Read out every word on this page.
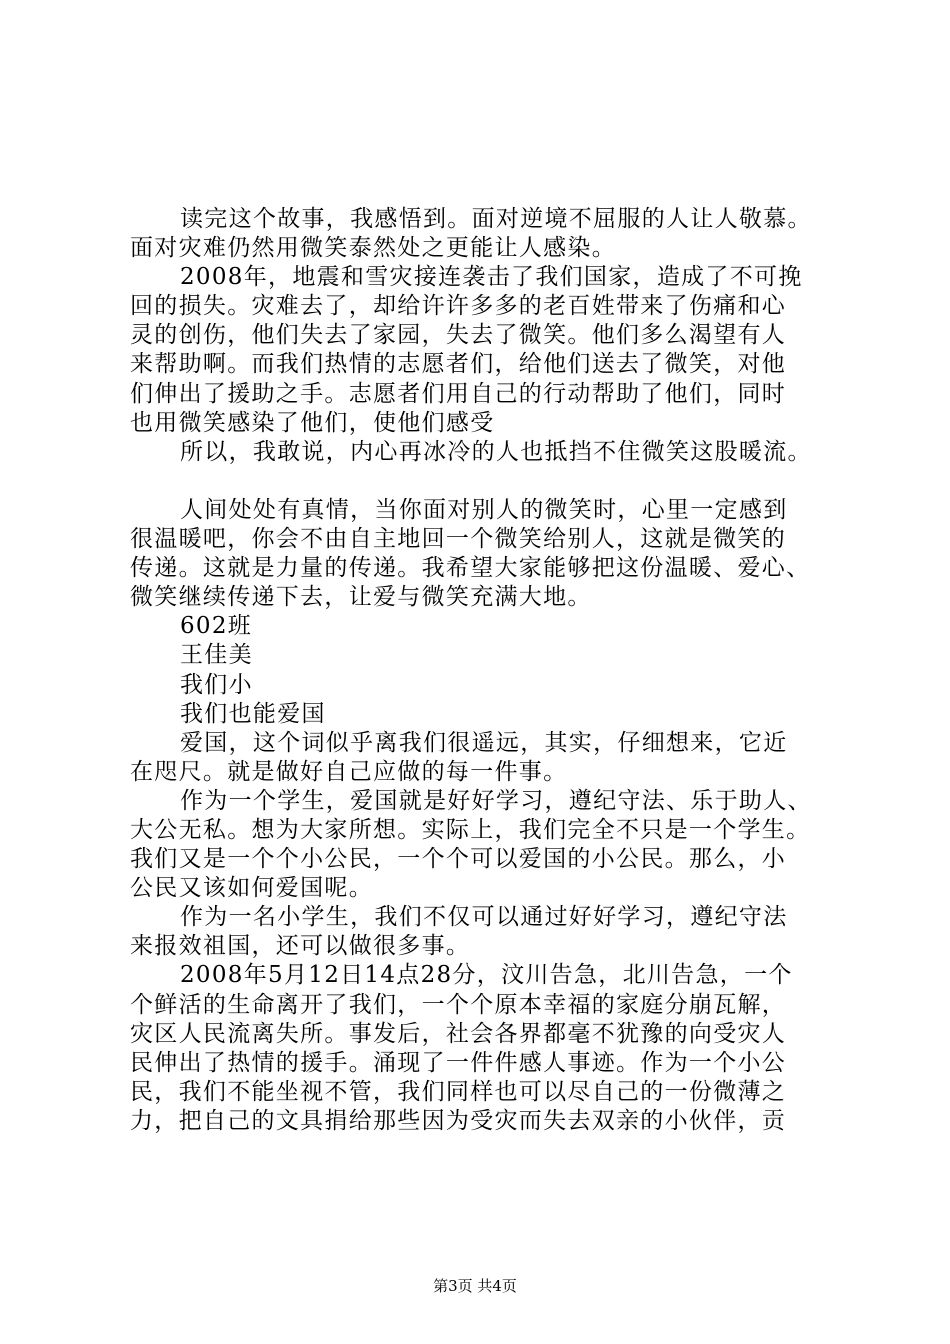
读完这个故事，我感悟到。面对逆境不屈服的人让人敬慕。
面对灾难仍然用微笑泰然处之更能让人感染。
2008年，地震和雪灾接连袭击了我们国家，造成了不可挽
回的损失。灾难去了，却给许许多多的老百姓带来了伤痛和心
灵的创伤，他们失去了家园，失去了微笑。他们多么渴望有人
来帮助啊。而我们热情的志愿者们，给他们送去了微笑，对他
们伸出了援助之手。志愿者们用自己的行动帮助了他们，同时
也用微笑感染了他们，使他们感受
所以，我敢说，内心再冰冷的人也抵挡不住微笑这股暖流。
人间处处有真情，当你面对别人的微笑时，心里一定感到
很温暖吧，你会不由自主地回一个微笑给别人，这就是微笑的
传递。这就是力量的传递。我希望大家能够把这份温暖、爱心、
微笑继续传递下去，让爱与微笑充满大地。
602班
王佳美
我们小
我们也能爱国
爱国，这个词似乎离我们很遥远，其实，仔细想来，它近
在咫尺。就是做好自己应做的每一件事。
作为一个学生，爱国就是好好学习，遵纪守法、乐于助人、
大公无私。想为大家所想。实际上，我们完全不只是一个学生。
我们又是一个个小公民，一个个可以爱国的小公民。那么，小
公民又该如何爱国呢。
作为一名小学生，我们不仅可以通过好好学习，遵纪守法
来报效祖国，还可以做很多事。
2008年5月12日14点28分，汶川告急，北川告急，一个
个鲜活的生命离开了我们，一个个原本幸福的家庭分崩瓦解，
灾区人民流离失所。事发后，社会各界都毫不犹豫的向受灾人
民伸出了热情的援手。涌现了一件件感人事迹。作为一个小公
民，我们不能坐视不管，我们同样也可以尽自己的一份微薄之
力，把自己的文具捐给那些因为受灾而失去双亲的小伙伴，贡
第3页 共4页
